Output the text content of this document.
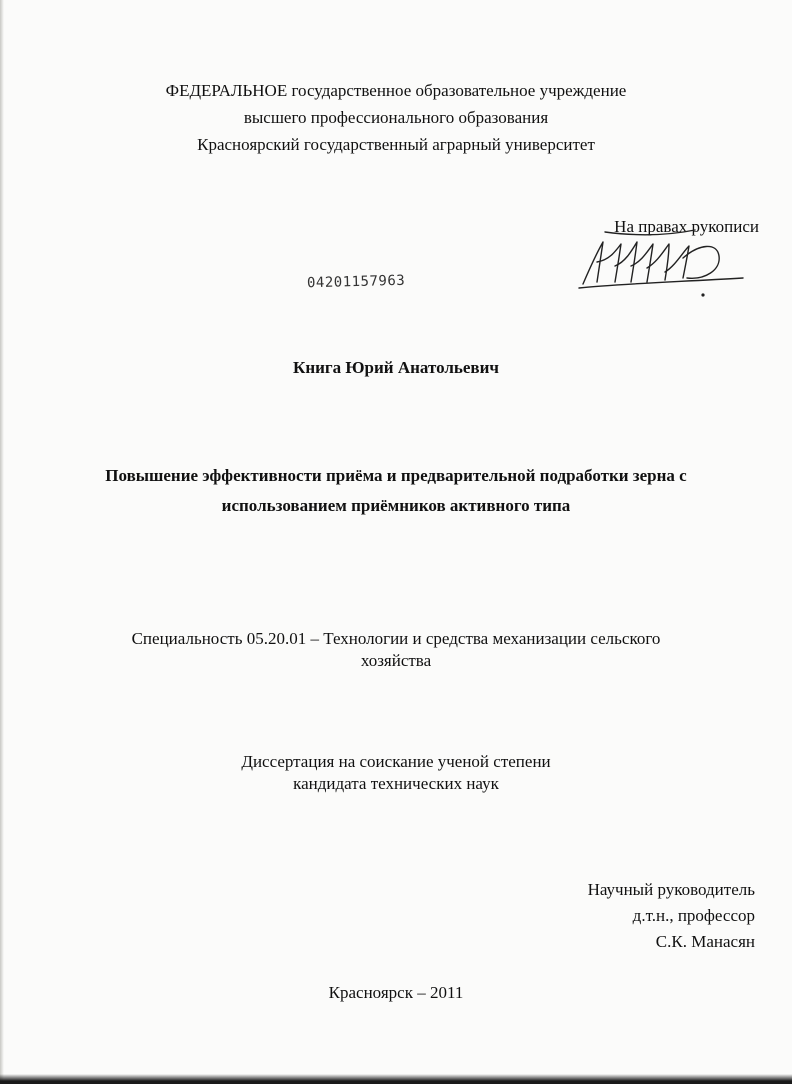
ФЕДЕРАЛЬНОЕ государственное образовательное учреждение
высшего профессионального образования
Красноярский государственный аграрный университет
На правах рукописи
04201157963
Книга Юрий Анатольевич
Повышение эффективности приёма и предварительной подработки зерна с
использованием приёмников активного типа
Специальность 05.20.01 – Технологии и средства механизации сельского
хозяйства
Диссертация на соискание ученой степени
кандидата технических наук
Научный руководитель
д.т.н., профессор
С.К. Манасян
Красноярск – 2011
